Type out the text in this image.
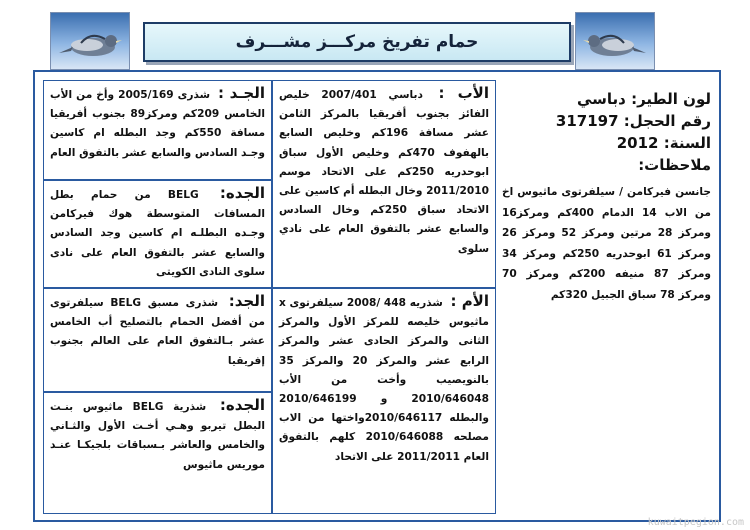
حمام تفريخ مركـــز مشـــرف
لون الطير: دباسي
رقم الحجل: 317197
السنة: 2012
ملاحظات:
جانسن فيركامن / سيلفرتوى ماثيوس اخ من الاب 14 الدمام 400كم ومركز16 ومركز 28 مرتين ومركز 52 ومركز 26 ومركز 61 ابوحدريه 250كم ومركز 34 ومركز 87 منيفه 200كم ومركز 70 ومركز 78 سباق الجبيل 320كم
الأب : دباسي 2007/401 خليص الفائز بجنوب أفريقيا بالمركز الثامن عشر مسافة 196كم وخليص السابع بالهفوف 470كم وخليص الأول سباق ابوحدريه 250كم على الاتحاد موسم 2011/2010 وخال البطله أم كاسين على الاتحاد سباق 250كم وخال السادس والسابع عشر بالتفوق العام على نادي سلوى
الأم : شذريه 448 /2008 سيلفرتوى x ماثيوس خليصه للمركز الأول والمركز الثانى والمركز الحادى عشر والمركز الرابع عشر والمركز 20 والمركز 35 بالنويصيب وأخت من الأب 2010/646048 و 2010/646199 والبطله 2010/646117واختها من الاب مصلحه 2010/646088 كلهم بالتفوق العام 2011/2011 على الاتحاد
الجـد : شذرى 2005/169 وأخ من الأب الخامس 209كم ومركز89 بجنوب أفريقيا مسافة 550كم وجد البطله ام كاسين وجـد السادس والسابع عشر بالتفوق العام
الجده: BELG من حمام بطل المسافات المتوسطة هوك فيركامن وجـده البطلـه ام كاسين وجد السادس والسابع عشر بالتفوق العام على نادى سلوى النادى الكويتى
الجد: شذرى مسبق BELG سيلفرتوى من أفضل الحمام بالتصليح أب الخامس عشر بـالتفوق العام على العالم بجنوب إفريقيا
الجده: شذرية BELG ماثيوس بنـت البطل تيربو وهـي أخـت الأول والثـاني والخامس والعاشر بـسباقات بلجيكـا عنـد موريس ماثيوس
kuwaitpegion.com
